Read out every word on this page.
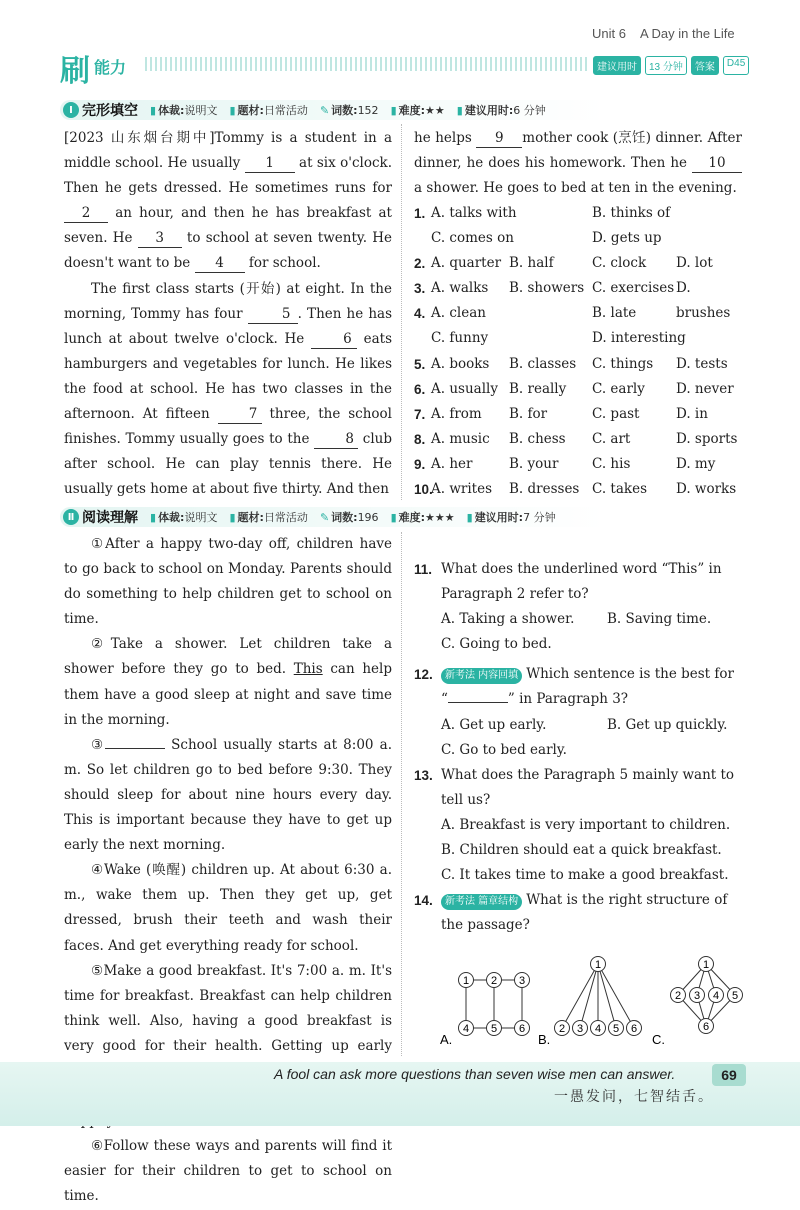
Unit 6 A Day in the Life
刷 能力	建议用时	13 分钟	答案	D45
Ⅰ 完形填空 ▮ 体裁:说明文 ▮ 题材:日常活动 ✎ 词数:152 ▮ 难度:★★ ▮ 建议用时:6 分钟

[2023 山东烟台期中]Tommy is a student in a middle school. He usually 1 at six o'clock. Then he gets dressed. He sometimes runs for 2 an hour, and then he has breakfast at seven. He 3 to school at seven twenty. He doesn't want to be 4 for school.

The first class starts (开始) at eight. In the morning, Tommy has four	5 . Then he has lunch at about twelve o'clock. He 6 eats hamburgers and vegetables for lunch. He likes the food at school. He has two classes in the afternoon. At fifteen 7 three, the school finishes. Tommy usually goes to the 8 club after school. He can play tennis there. He usually gets home at about five thirty. And then

1. A. talks with	B. thinks of
C. comes on	D. gets up
2. A. quarter B. half	C. clock D. lot
3. A. walks B. showers C. exercises D. brushes
4. A. clean	B. late
C. funny	D. interesting
5. A. books B. classes C. things D. tests
6. A. usually B. really C. early D. never
7. A. from B. for	C. past	D. in
8. A. music B. chess C. art	D. sports
9. A. her	B. your C. his	D. my
10.
A. writes B. dresses C. takes D. works
Ⅱ 阅读理解 ▮ 体裁:说明文 ▮ 题材:日常活动 ✎ 词数:196 ▮ 难度:★★★ ▮ 建议用时:7 分钟

①After a happy two-day off, children have to go back to school on Monday. Parents should do something to help children get to school on time.

②Take a shower. Let children take a shower before they go to bed. This can help them have a good sleep at night and save time in the morning.

③	School usually starts at 8:00 a. m. So let children go to bed before 9:30. They should sleep for about nine hours every day. This is important because they have to get up early the next morning.

④Wake (唤醒) children up. At about 6:30 a. m., wake them up. Then they get up, get dressed, brush their teeth and wash their faces. And get everything ready for school.

⑤Make a good breakfast. It's 7:00 a. m. It's time for breakfast. Breakfast can help children think well. Also, having a good breakfast is very good for their health. Getting up early

⑥Follow these ways and parents will find it easier for their children to get to school on time.

11. What does the underlined word “This” in Paragraph 2 refer to?
A. Taking a shower. B. Saving time.
C. Going to bed.
12.	新考法 内容回填 Which sentence is the best for “	” in Paragraph 3?
A. Get up early.	B. Get up quickly.
C. Go to bed early.
13. What does the Paragraph 5 mainly want to tell us?
A. Breakfast is very important to children.
B. Children should eat a quick breakfast.
C. It takes time to make a good breakfast.
14.	新考法 篇章结构 What is the right structure of the passage?
1 2 3
4 5 6
A.
1
2 3 4 5 6
B.
1
2 3 4 5
6
C.
A fool can ask more questions than seven wise men can answer.
一愚发问，七智结舌。
69

he helps 9 mother cook (烹饪) dinner. After dinner, he does his homework. Then he 10a shower. He goes to bed at ten in the evening.
